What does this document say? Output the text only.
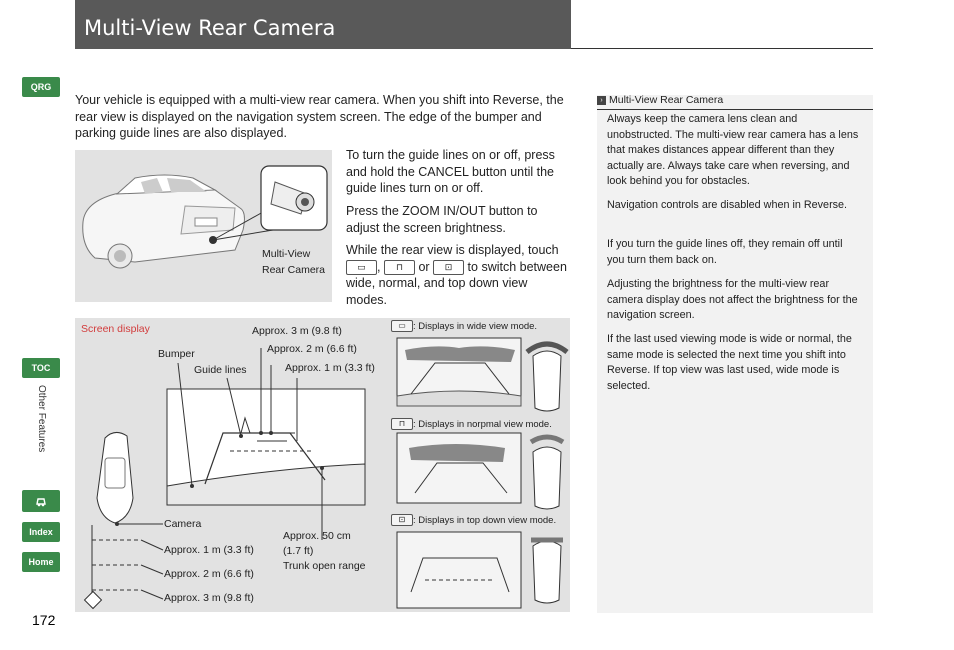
Multi-View Rear Camera
QRG
TOC
Other Features
Index
Home
172
Your vehicle is equipped with a multi-view rear camera. When you shift into Reverse, the rear view is displayed on the navigation system screen. The edge of the bumper and parking guide lines are also displayed.
Multi-View
Rear Camera
To turn the guide lines on or off, press and hold the CANCEL button until the guide lines turn on or off.
Press the ZOOM IN/OUT button to adjust the screen brightness.
While the rear view is displayed, touch ▭ , ⊓ or ⊡ to switch between wide, normal, and top down view modes.
Screen display
Bumper
Guide lines
Approx. 3 m (9.8 ft)
Approx. 2 m (6.6 ft)
Approx. 1 m (3.3 ft)
Camera
Approx. 1 m (3.3 ft)
Approx. 2 m (6.6 ft)
Approx. 3 m (9.8 ft)
Approx. 50 cm
(1.7 ft)
Trunk open range
▭ : Displays in wide view mode.
⊓ : Displays in norpmal view mode.
⊡ : Displays in top down view mode.
› Multi-View Rear Camera
Always keep the camera lens clean and unobstructed. The multi-view rear camera has a lens that makes distances appear different than they actually are. Always take care when reversing, and look behind you for obstacles.
Navigation controls are disabled when in Reverse.
If you turn the guide lines off, they remain off until you turn them back on.
Adjusting the brightness for the multi-view rear camera display does not affect the brightness for the navigation screen.
If the last used viewing mode is wide or normal, the same mode is selected the next time you shift into Reverse. If top view was last used, wide mode is selected.
